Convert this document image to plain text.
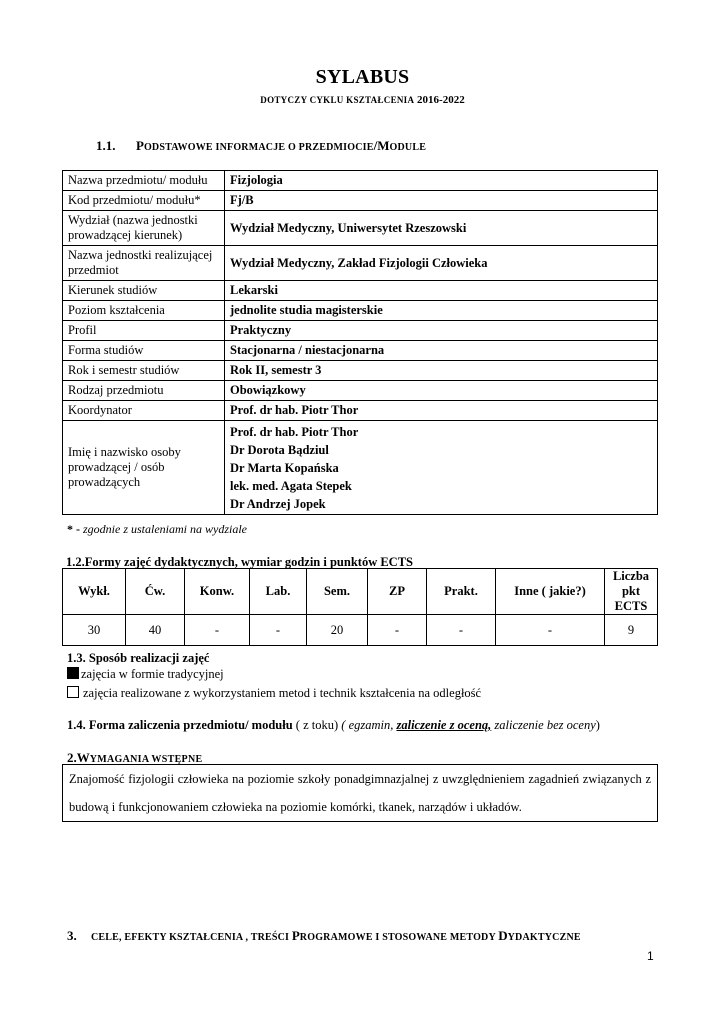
SYLABUS
DOTYCZY CYKLU KSZTAŁCENIA 2016-2022
1.1. PODSTAWOWE INFORMACJE O PRZEDMIOCIE/MODULE
Nazwa przedmiotu/ modułu	Fizjologia
Kod przedmiotu/ modułu*	Fj/B
Wydział (nazwa jednostki prowadzącej kierunek)	Wydział Medyczny, Uniwersytet Rzeszowski
Nazwa jednostki realizującej przedmiot	Wydział Medyczny, Zakład Fizjologii Człowieka
Kierunek studiów	Lekarski
Poziom kształcenia	jednolite studia magisterskie
Profil	Praktyczny
Forma studiów	Stacjonarna / niestacjonarna
Rok i semestr studiów	Rok II, semestr 3
Rodzaj przedmiotu	Obowiązkowy
Koordynator	Prof. dr hab. Piotr Thor
Imię i nazwisko osoby prowadzącej / osób prowadzących	Prof. dr hab. Piotr Thor
Dr Dorota Bądziul
Dr Marta Kopańska
lek. med. Agata Stepek
Dr Andrzej Jopek
* - zgodnie z ustaleniami na wydziale
1.2.Formy zajęć dydaktycznych, wymiar godzin i punktów ECTS
Wykł.	Ćw.	Konw.	Lab.	Sem.	ZP	Prakt.	Inne ( jakie?)	Liczba pkt ECTS
30	40	-	-	20	-	-	-	9
1.3. Sposób realizacji zajęć
zajęcia w formie tradycyjnej
zajęcia realizowane z wykorzystaniem metod i technik kształcenia na odległość
1.4. Forma zaliczenia przedmiotu/ modułu ( z toku) ( egzamin, zaliczenie z oceną, zaliczenie bez oceny)
2.WYMAGANIA WSTĘPNE
Znajomość fizjologii człowieka na poziomie szkoły ponadgimnazjalnej z uwzględnieniem zagadnień związanych z budową i funkcjonowaniem człowieka na poziomie komórki, tkanek, narządów i układów.
3. CELE, EFEKTY KSZTAŁCENIA , TREŚCI PROGRAMOWE I STOSOWANE METODY DYDAKTYCZNE
1
